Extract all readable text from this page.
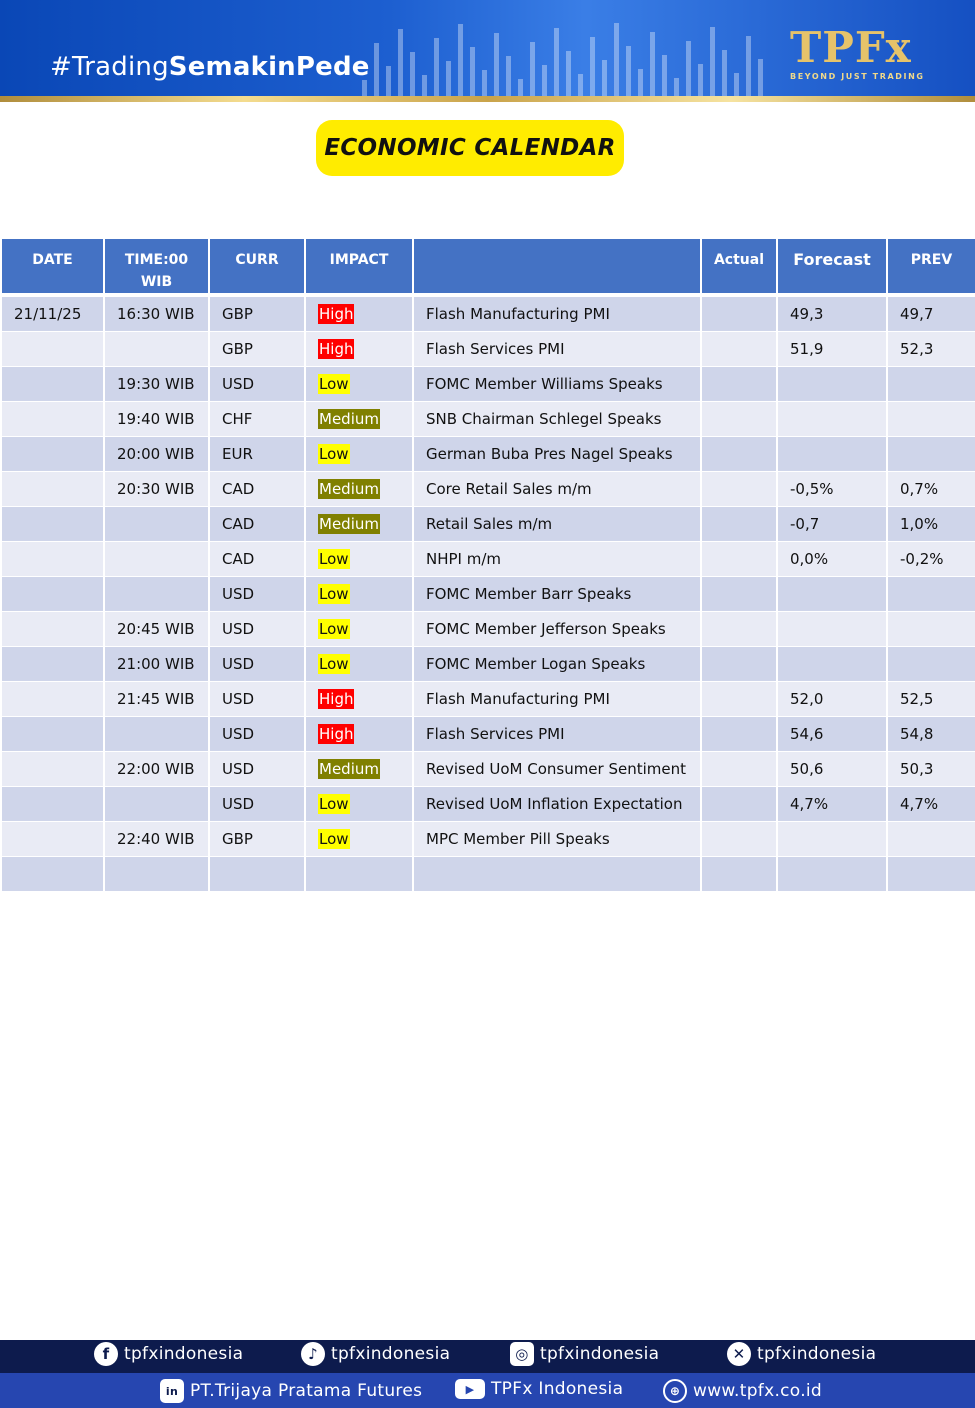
#TradingSemakinPede	TPFx
BEYOND JUST TRADING
ECONOMIC CALENDAR
DATE	TIME:00 WIB	CURR	IMPACT		Actual	Forecast	PREV

21/11/25	16:30 WIB	GBP	High	Flash Manufacturing PMI		49,3	49,7
		GBP	High	Flash Services PMI		51,9	52,3
	19:30 WIB	USD	Low	FOMC Member Williams Speaks			
	19:40 WIB	CHF	Medium	SNB Chairman Schlegel Speaks			
	20:00 WIB	EUR	Low	German Buba Pres Nagel Speaks			
	20:30 WIB	CAD	Medium	Core Retail Sales m/m		-0,5%	0,7%
		CAD	Medium	Retail Sales m/m		-0,7	1,0%
		CAD	Low	NHPI m/m		0,0%	-0,2%
		USD	Low	FOMC Member Barr Speaks			
	20:45 WIB	USD	Low	FOMC Member Jefferson Speaks			
	21:00 WIB	USD	Low	FOMC Member Logan Speaks			
	21:45 WIB	USD	High	Flash Manufacturing PMI		52,0	52,5
		USD	High	Flash Services PMI		54,6	54,8
	22:00 WIB	USD	Medium	Revised UoM Consumer Sentiment		50,6	50,3
		USD	Low	Revised UoM Inflation Expectation		4,7%	4,7%
	22:40 WIB	GBP	Low	MPC Member Pill Speaks			

f tpfxindonesia	♪ tpfxindonesia	◎ tpfxindonesia	✕ tpfxindonesia
in PT.Trijaya Pratama Futures	▶ TPFx Indonesia	⊕ www.tpfx.co.id
